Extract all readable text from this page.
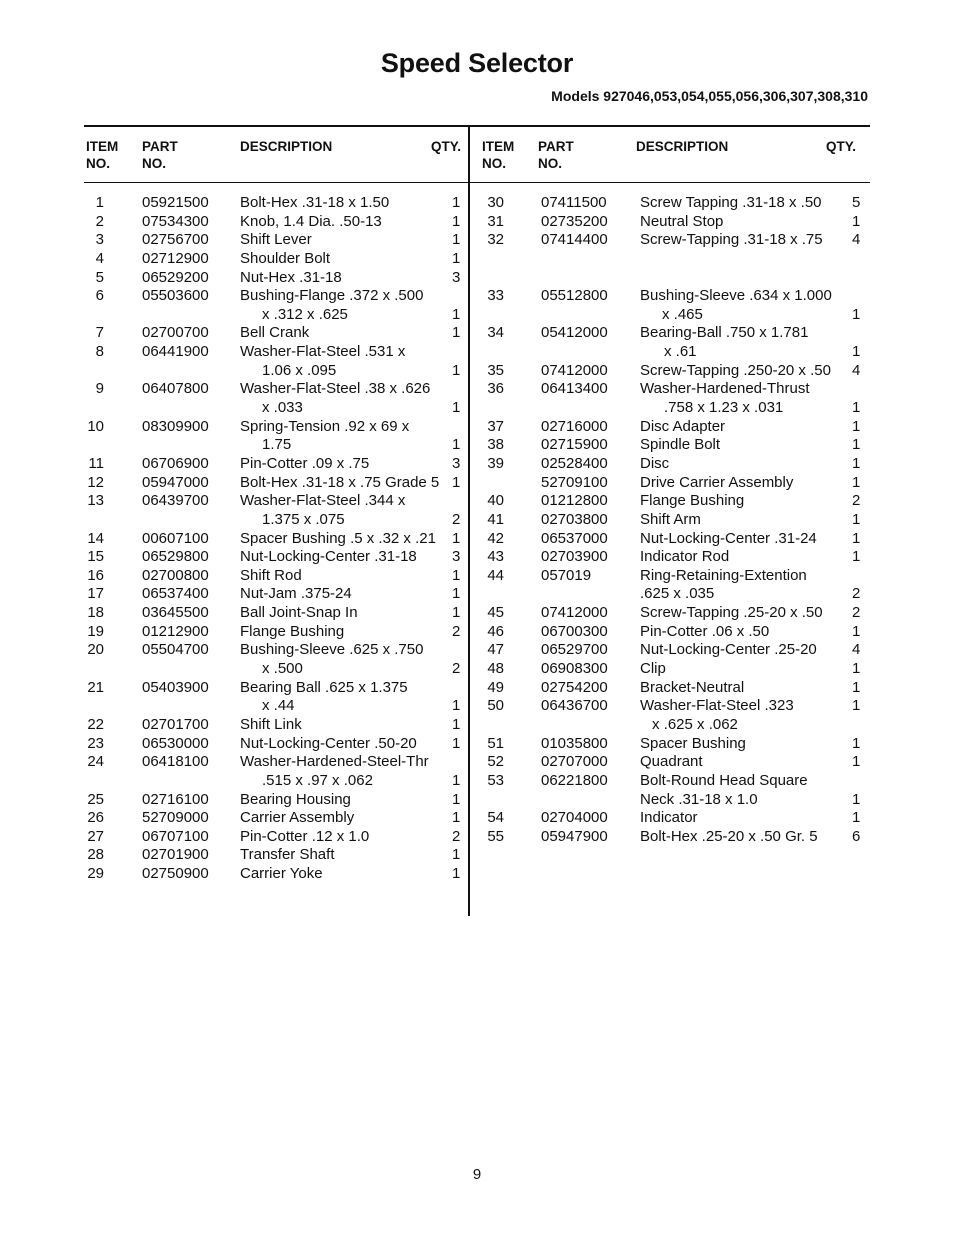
Speed Selector
Models 927046,053,054,055,056,306,307,308,310
ITEM
NO.
PART
NO.
DESCRIPTION	QTY. ITEM
NO.
PART
NO.
DESCRIPTION	QTY.
1	05921500 Bolt-Hex .31-18 x 1.50	1
2	07534300 Knob, 1.4 Dia. .50-13	1
3	02756700 Shift Lever	1
4	02712900 Shoulder Bolt	1
5	06529200 Nut-Hex .31-18	3
6	05503600 Bushing-Flange .372 x .500
x .312 x .625	1
7	02700700 Bell Crank	1
8	06441900 Washer-Flat-Steel .531 x
1.06 x .095	1
9	06407800 Washer-Flat-Steel .38 x .626
x .033	1
10	08309900 Spring-Tension .92 x 69 x
1.75	1
11	06706900 Pin-Cotter .09 x .75	3
12	05947000 Bolt-Hex .31-18 x .75 Grade 5 1
13	06439700 Washer-Flat-Steel .344 x
1.375 x .075	2
14	00607100 Spacer Bushing .5 x .32 x .21 1
15	06529800 Nut-Locking-Center .31-18 3
16	02700800 Shift Rod	1
17	06537400 Nut-Jam .375-24	1
18	03645500 Ball Joint-Snap In	1
19	01212900 Flange Bushing	2
20	05504700 Bushing-Sleeve .625 x .750
x .500	2
21	05403900 Bearing Ball .625 x 1.375
x .44	1
22	02701700 Shift Link	1
23	06530000 Nut-Locking-Center .50-20 1
24	06418100 Washer-Hardened-Steel-Thr
.515 x .97 x .062	1
25	02716100 Bearing Housing	1
26	52709000 Carrier Assembly	1
27	06707100 Pin-Cotter .12 x 1.0	2
28	02701900 Transfer Shaft	1
29	02750900 Carrier Yoke	1
30 07411500 Screw Tapping .31-18 x .50 5
31 02735200 Neutral Stop	1
32 07414400 Screw-Tapping .31-18 x .75 4
33 05512800 Bushing-Sleeve .634 x 1.000
x .465	1
34 05412000 Bearing-Ball .750 x 1.781
x .61	1
35 07412000 Screw-Tapping .250-20 x .50 4
36 06413400 Washer-Hardened-Thrust
.758 x 1.23 x .031	1
37 02716000 Disc Adapter	1
38 02715900 Spindle Bolt	1
39 02528400 Disc	1
52709100 Drive Carrier Assembly	1
40 01212800 Flange Bushing	2
41 02703800 Shift Arm	1
42 06537000 Nut-Locking-Center .31-24 1
43 02703900 Indicator Rod	1
44 057019	Ring-Retaining-Extention
.625 x .035	2
45 07412000 Screw-Tapping .25-20 x .50 2
46 06700300 Pin-Cotter .06 x .50	1
47 06529700 Nut-Locking-Center .25-20 4
48 06908300 Clip	1
49 02754200 Bracket-Neutral	1
50 06436700 Washer-Flat-Steel .323	1
x .625 x .062
51 01035800 Spacer Bushing	1
52 02707000 Quadrant	1
53 06221800 Bolt-Round Head Square
Neck .31-18 x 1.0	1
54 02704000 Indicator	1
55 05947900 Bolt-Hex .25-20 x .50 Gr. 5 6
9
